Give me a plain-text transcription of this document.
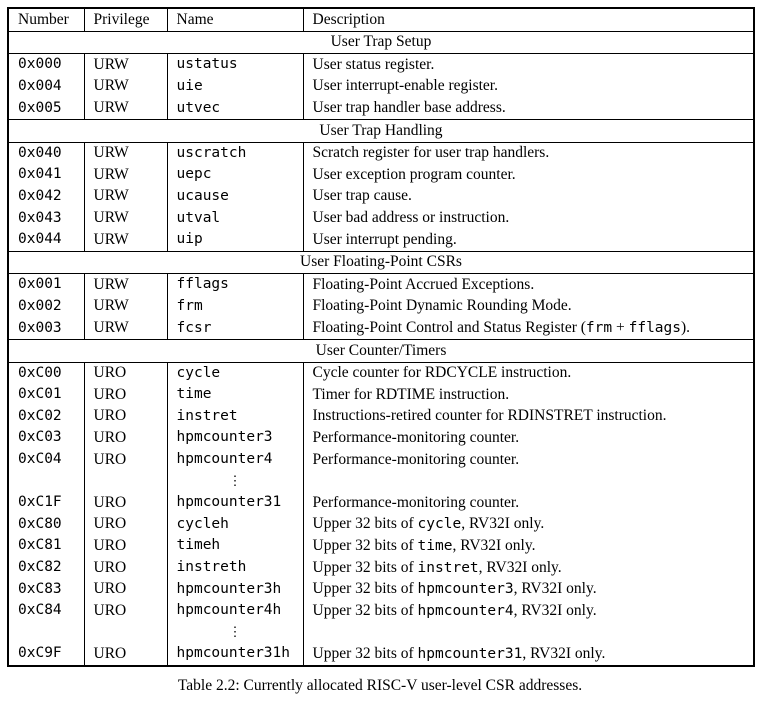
Number	Privilege	Name	Description
User Trap Setup			
0x000	URW	ustatus	User status register.
0x004	URW	uie	User interrupt-enable register.
0x005	URW	utvec	User trap handler base address.
User Trap Handling			
0x040	URW	uscratch	Scratch register for user trap handlers.
0x041	URW	uepc	User exception program counter.
0x042	URW	ucause	User trap cause.
0x043	URW	utval	User bad address or instruction.
0x044	URW	uip	User interrupt pending.
User Floating-Point CSRs			
0x001	URW	fflags	Floating-Point Accrued Exceptions.
0x002	URW	frm	Floating-Point Dynamic Rounding Mode.
0x003	URW	fcsr	Floating-Point Control and Status Register (frm + fflags).
User Counter/Timers			
0xC00	URO	cycle	Cycle counter for RDCYCLE instruction.
0xC01	URO	time	Timer for RDTIME instruction.
0xC02	URO	instret	Instructions-retired counter for RDINSTRET instruction.
0xC03	URO	hpmcounter3	Performance-monitoring counter.
0xC04	URO	hpmcounter4	Performance-monitoring counter.
		⋮	
0xC1F	URO	hpmcounter31	Performance-monitoring counter.
0xC80	URO	cycleh	Upper 32 bits of cycle, RV32I only.
0xC81	URO	timeh	Upper 32 bits of time, RV32I only.
0xC82	URO	instreth	Upper 32 bits of instret, RV32I only.
0xC83	URO	hpmcounter3h	Upper 32 bits of hpmcounter3, RV32I only.
0xC84	URO	hpmcounter4h	Upper 32 bits of hpmcounter4, RV32I only.
		⋮	
0xC9F	URO	hpmcounter31h	Upper 32 bits of hpmcounter31, RV32I only.
Table 2.2: Currently allocated RISC-V user-level CSR addresses.
